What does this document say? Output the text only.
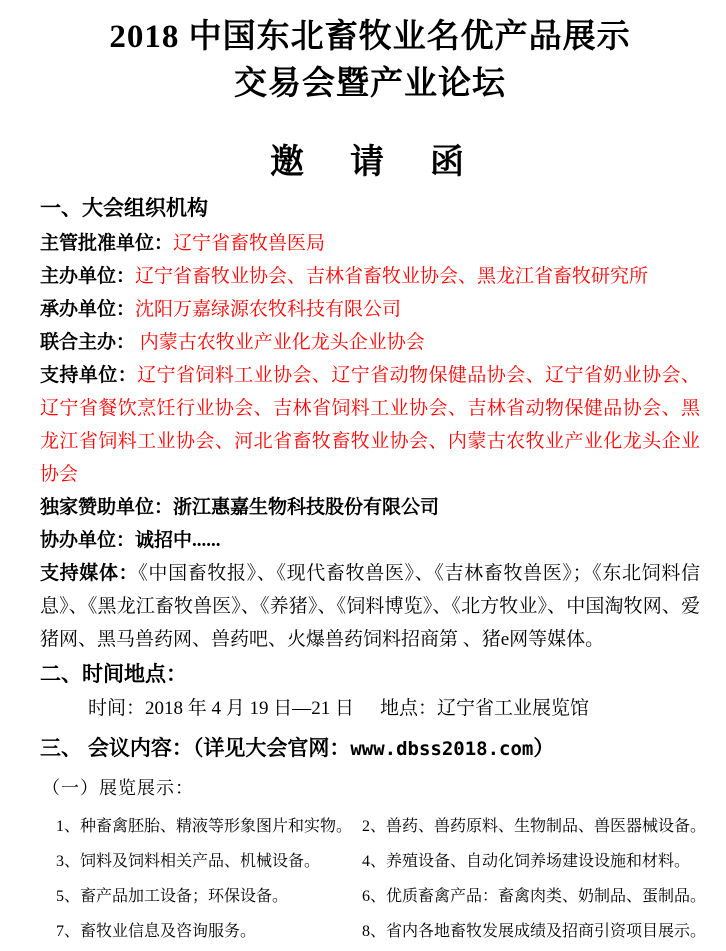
2018 中国东北畜牧业名优产品展示
交易会暨产业论坛
邀　请　函
一、大会组织机构

主管批准单位：辽宁省畜牧兽医局

主办单位：辽宁省畜牧业协会、吉林省畜牧业协会、黑龙江省畜牧研究所

承办单位：沈阳万嘉绿源农牧科技有限公司

联合主办： 内蒙古农牧业产业化龙头企业协会

支持单位：辽宁省饲料工业协会、辽宁省动物保健品协会、辽宁省奶业协会、辽宁省餐饮烹饪行业协会、吉林省饲料工业协会、吉林省动物保健品协会、黑龙江省饲料工业协会、河北省畜牧畜牧业协会、内蒙古农牧业产业化龙头企业协会

独家赞助单位：浙江惠嘉生物科技股份有限公司

协办单位：诚招中......

支持媒体：《中国畜牧报》、《现代畜牧兽医》、《吉林畜牧兽医》；《东北饲料信息》、《黑龙江畜牧兽医》、《养猪》、《饲料博览》、《北方牧业》、中国淘牧网、爱猪网、黑马兽药网、兽药吧、火爆兽药饲料招商第 、猪e网等媒体。

二、时间地点：

时间：2018 年 4 月 19 日—21 日 地点：辽宁省工业展览馆

三、 会议内容：（详见大会官网：www.dbss2018.com）
（一）展览展示：
1、种畜禽胚胎、精液等形象图片和实物。 2、兽药、兽药原料、生物制品、兽医器械设备。
3、饲料及饲料相关产品、机械设备。	4、养殖设备、自动化饲养场建设设施和材料。
5、畜产品加工设备；环保设备。	6、优质畜禽产品：畜禽肉类、奶制品、蛋制品。
7、畜牧业信息及咨询服务。	8、省内各地畜牧发展成绩及招商引资项目展示。
